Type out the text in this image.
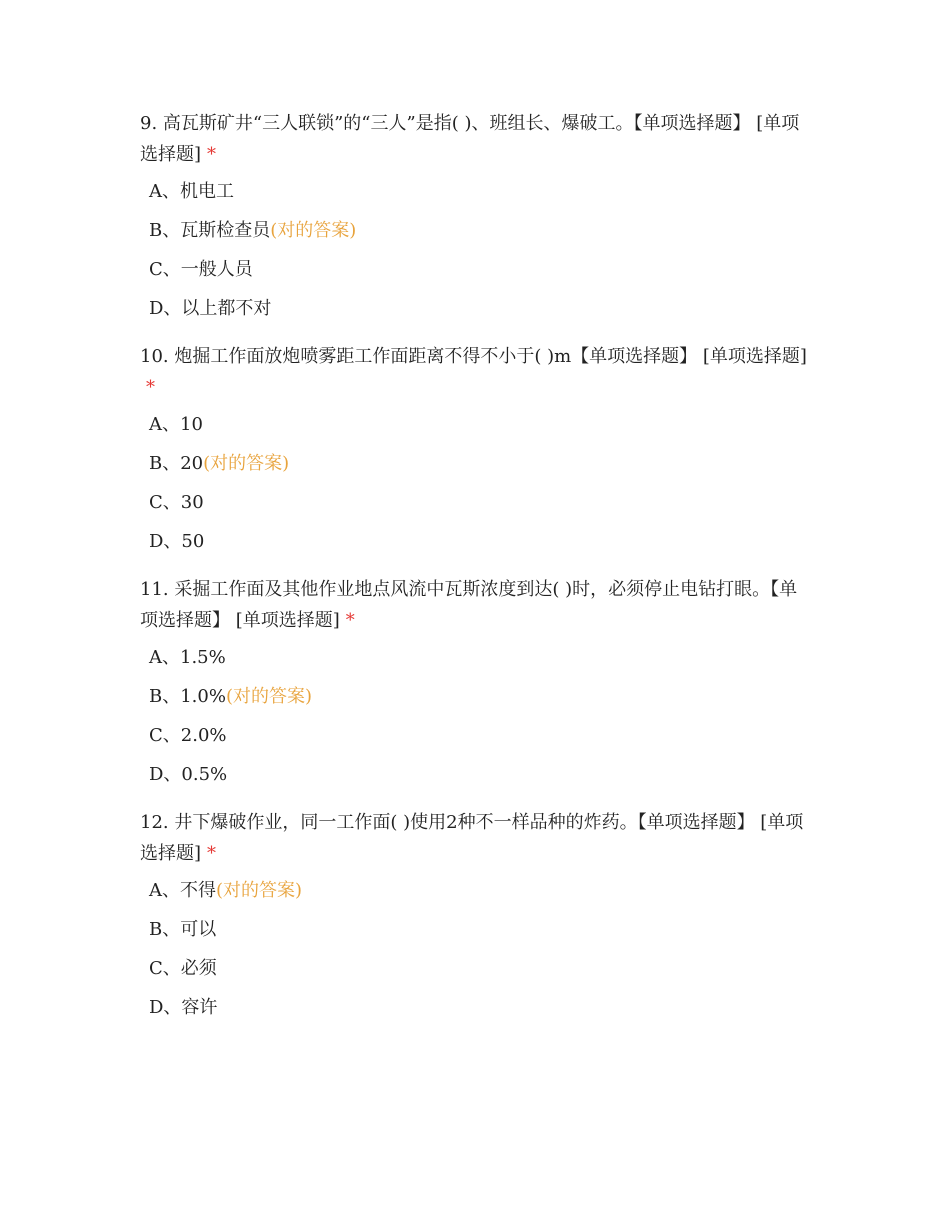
9. 高瓦斯矿井“三人联锁”的“三人”是指( )、班组长、爆破工。【单项选择题】 [单项选择题] *

A、机电工
B、瓦斯检查员(对的答案)
C、一般人员
D、以上都不对

10. 炮掘工作面放炮喷雾距工作面距离不得不小于( )m【单项选择题】 [单项选择题]*

A、10
B、20(对的答案)
C、30
D、50

11. 采掘工作面及其他作业地点风流中瓦斯浓度到达( )时，必须停止电钻打眼。【单项选择题】 [单项选择题] *

A、1.5%
B、1.0%(对的答案)
C、2.0%
D、0.5%

12. 井下爆破作业，同一工作面( )使用2种不一样品种的炸药。【单项选择题】 [单项选择题] *

A、不得(对的答案)
B、可以
C、必须
D、容许
